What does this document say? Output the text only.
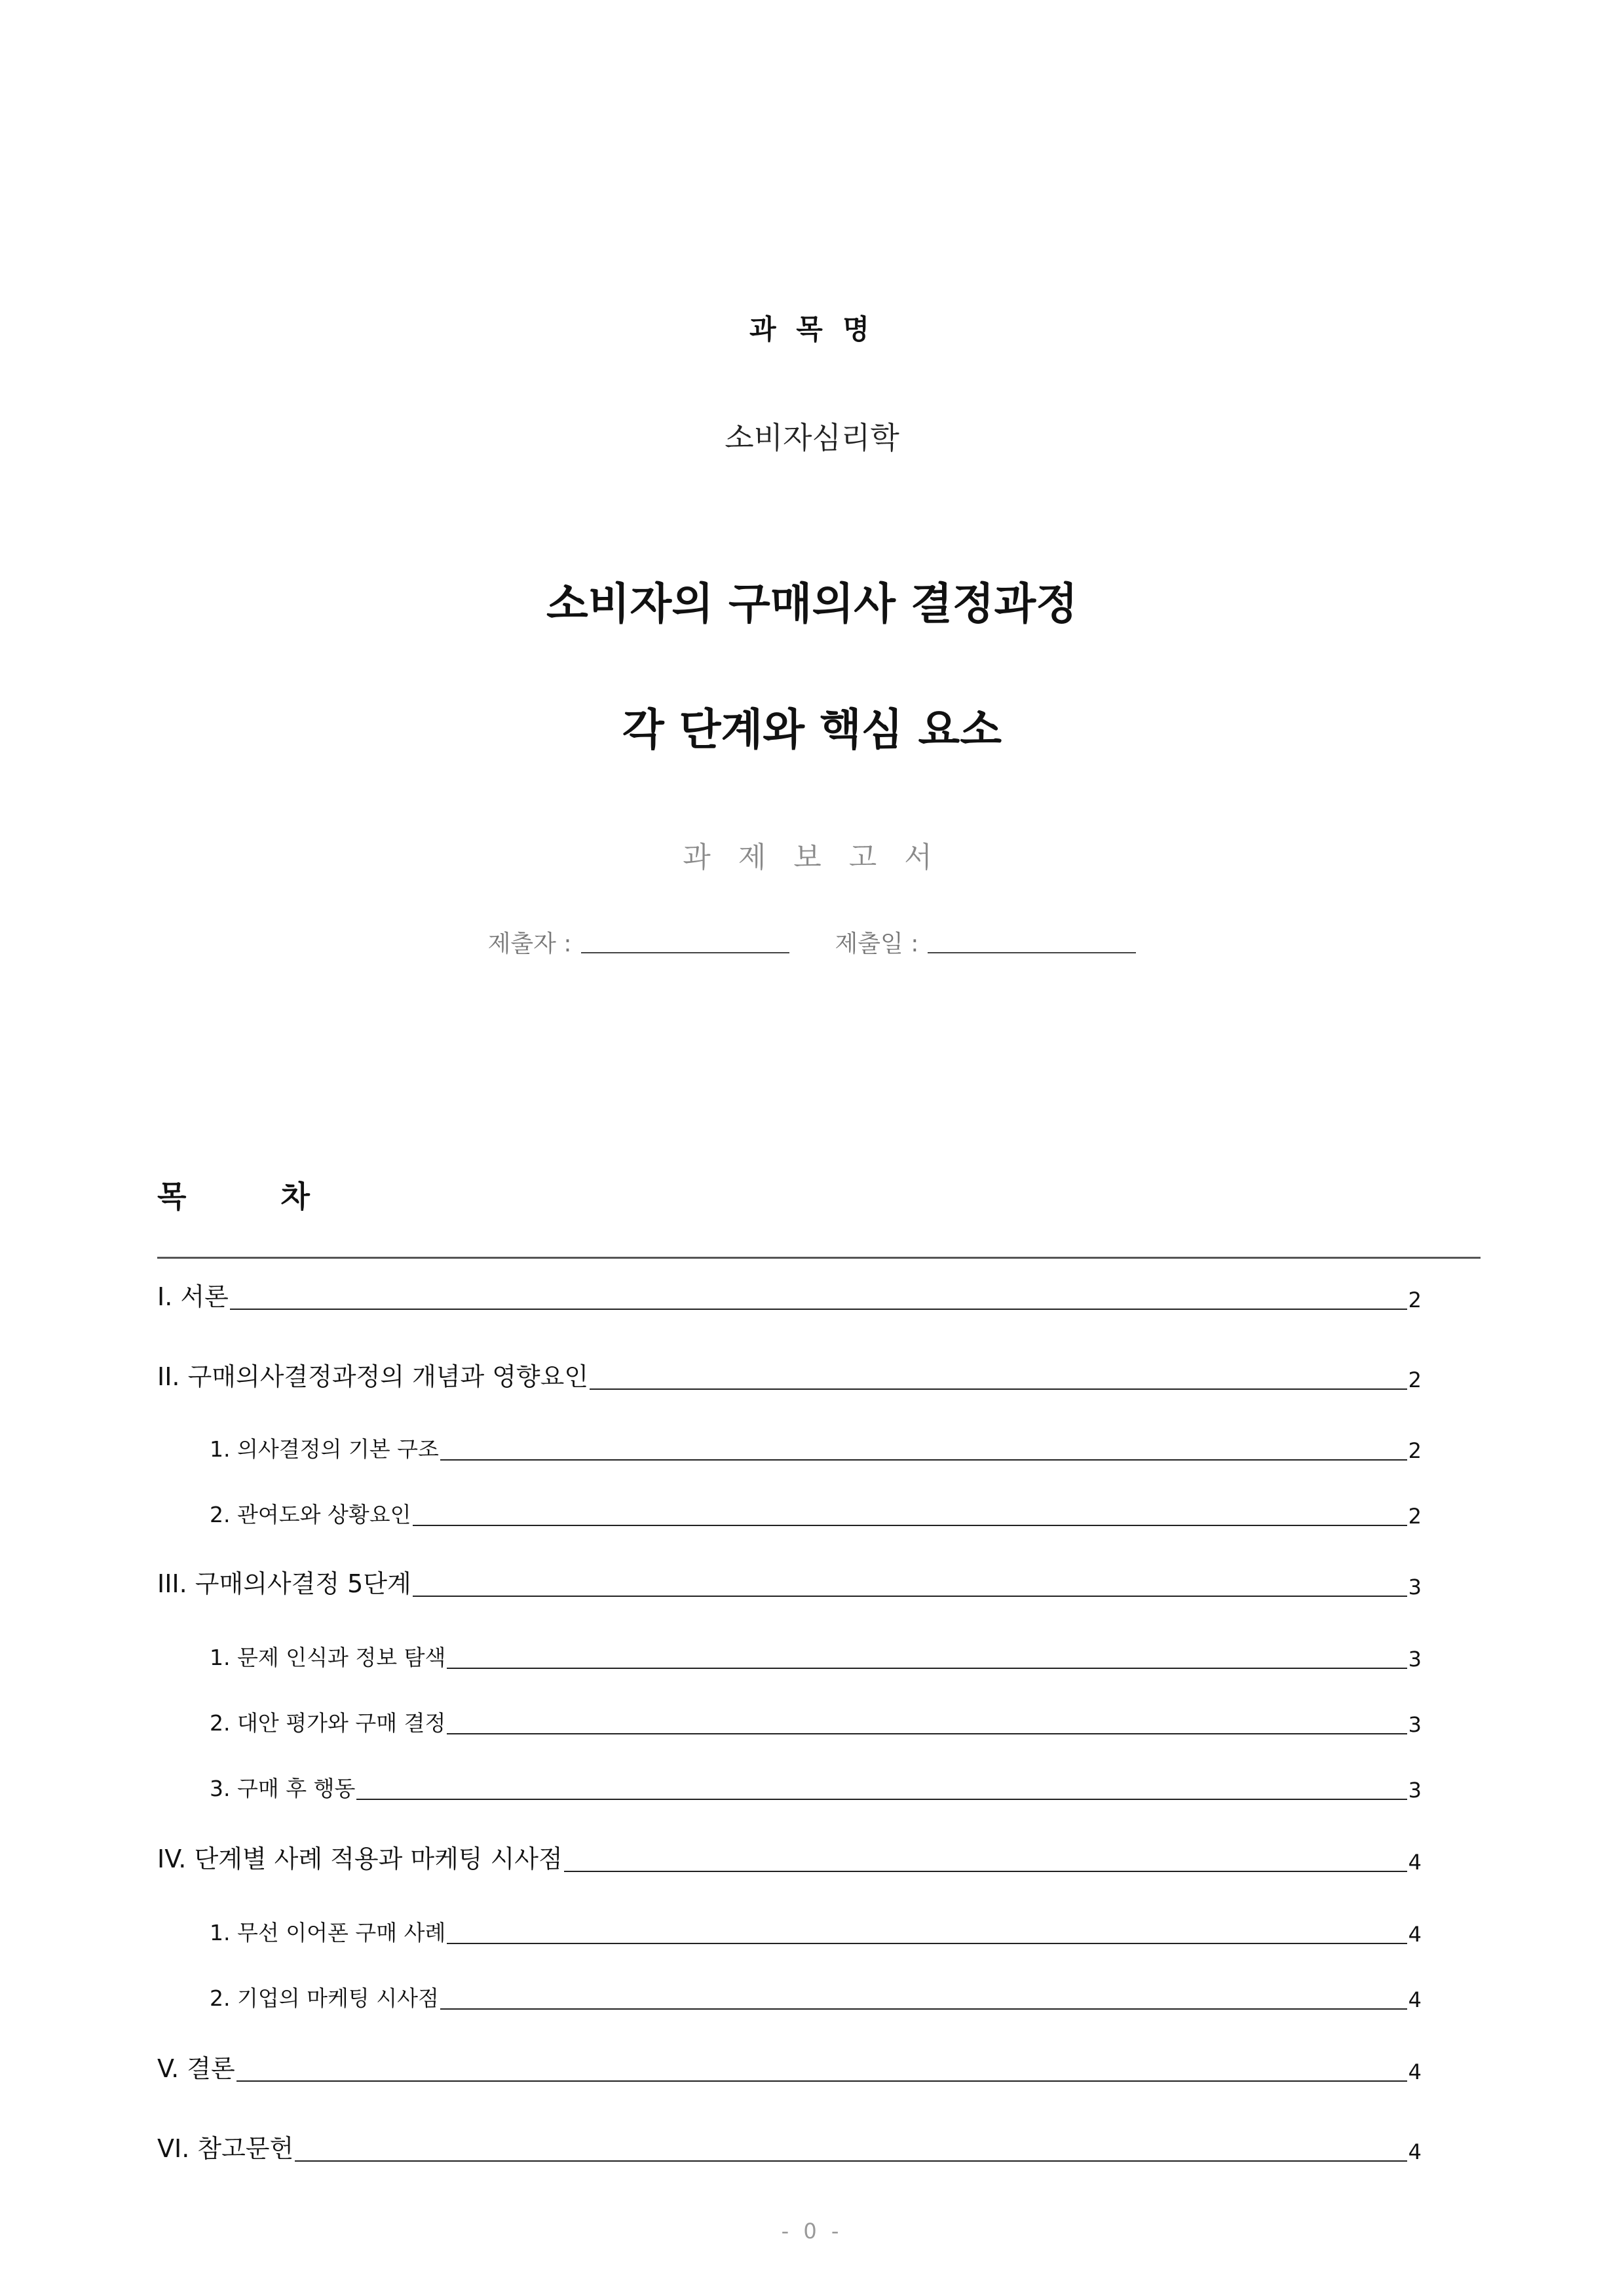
과 목 명
소비자심리학
소비자의 구매의사 결정과정
각 단계와 핵심 요소
과 제 보 고 서
제출자 :	제출일 :
목 차
I. 서론	2
II. 구매의사결정과정의 개념과 영향요인	2
1. 의사결정의 기본 구조	2
2. 관여도와 상황요인	2
III. 구매의사결정 5단계	3
1. 문제 인식과 정보 탐색	3
2. 대안 평가와 구매 결정	3
3. 구매 후 행동	3
IV. 단계별 사례 적용과 마케팅 시사점	4
1. 무선 이어폰 구매 사례	4
2. 기업의 마케팅 시사점	4
V. 결론	4
VI. 참고문헌	4
- 0 -
